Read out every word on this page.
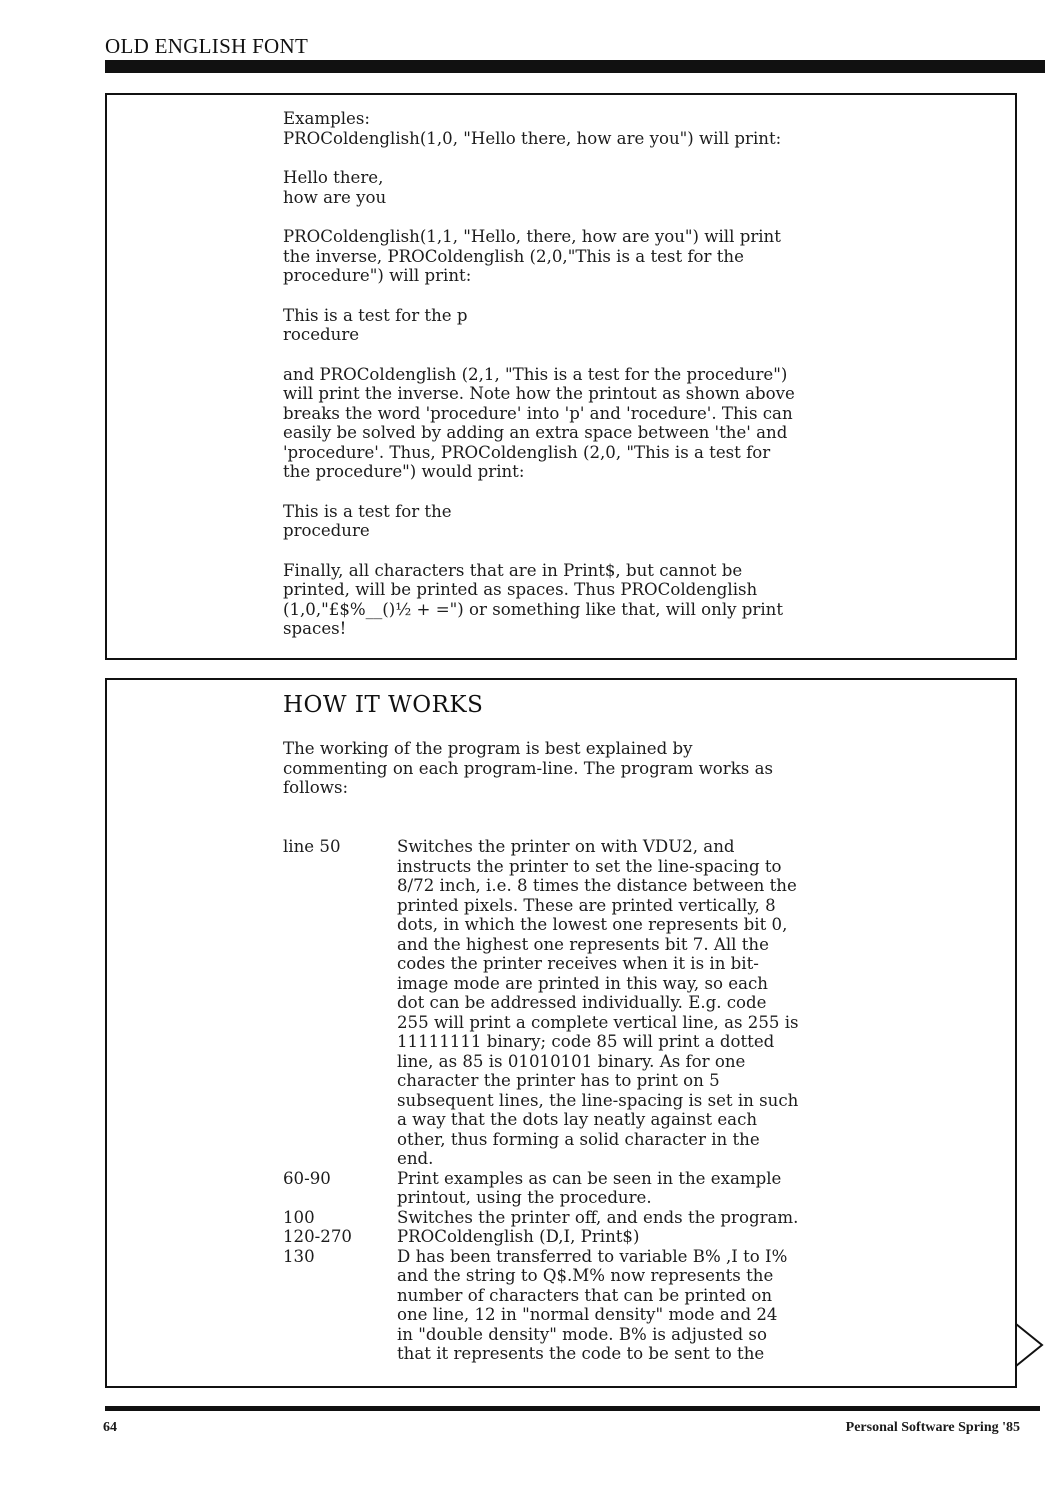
OLD ENGLISH FONT
Examples:
PROColdenglish(1,0, "Hello there, how are you") will print:
Hello there,
how are you
PROColdenglish(1,1, "Hello, there, how are you") will print
the inverse, PROColdenglish (2,0,"This is a test for the
procedure") will print:
This is a test for the p
rocedure
and PROColdenglish (2,1, "This is a test for the procedure")
will print the inverse. Note how the printout as shown above
breaks the word 'procedure' into 'p' and 'rocedure'. This can
easily be solved by adding an extra space between 'the' and
'procedure'. Thus, PROColdenglish (2,0, "This is a test for
the procedure") would print:
This is a test for the
procedure
Finally, all characters that are in Print$, but cannot be
printed, will be printed as spaces. Thus PROColdenglish
(1,0,"£$%__()½ + =") or something like that, will only print
spaces!
HOW IT WORKS
The working of the program is best explained by
commenting on each program-line. The program works as
follows:
line 50	Switches the printer on with VDU2, and
instructs the printer to set the line-spacing to
8/72 inch, i.e. 8 times the distance between the
printed pixels. These are printed vertically, 8
dots, in which the lowest one represents bit 0,
and the highest one represents bit 7. All the
codes the printer receives when it is in bit-
image mode are printed in this way, so each
dot can be addressed individually. E.g. code
255 will print a complete vertical line, as 255 is
11111111 binary; code 85 will print a dotted
line, as 85 is 01010101 binary. As for one
character the printer has to print on 5
subsequent lines, the line-spacing is set in such
a way that the dots lay neatly against each
other, thus forming a solid character in the
end.
60-90	Print examples as can be seen in the example
printout, using the procedure.
100	Switches the printer off, and ends the program.
120-270	PROColdenglish (D,I, Print$)
130	D has been transferred to variable B% ,I to I%
and the string to Q$.M% now represents the
number of characters that can be printed on
one line, 12 in "normal density" mode and 24
in "double density" mode. B% is adjusted so
that it represents the code to be sent to the
64	Personal Software Spring '85
